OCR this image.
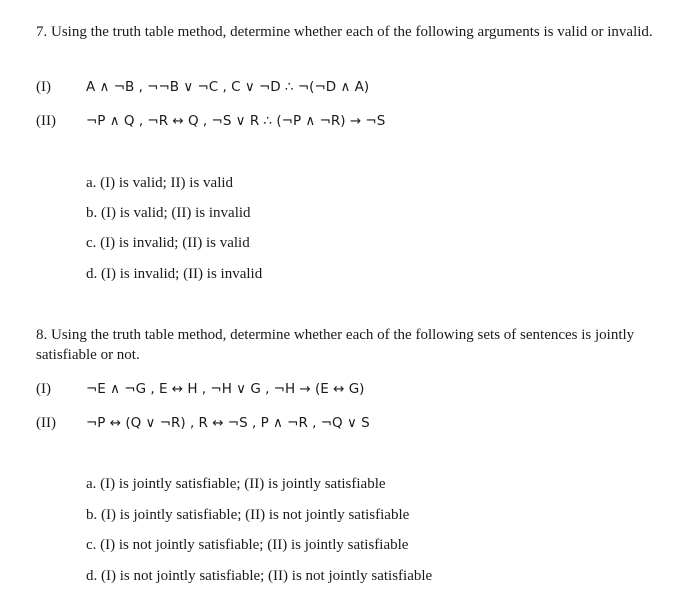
7. Using the truth table method, determine whether each of the following arguments is valid or invalid.

(I)	A ∧ ¬B , ¬¬B ∨ ¬C , C ∨ ¬D ∴ ¬(¬D ∧ A)
(II) ¬P ∧ Q , ¬R ↔ Q , ¬S ∨ R ∴ (¬P ∧ ¬R) → ¬S
a. (I) is valid; II) is valid
b. (I) is valid; (II) is invalid
c. (I) is invalid; (II) is valid
d. (I) is invalid; (II) is invalid

8. Using the truth table method, determine whether each of the following sets of sentences is jointly satisfiable or not.

(I)	¬E ∧ ¬G , E ↔ H , ¬H ∨ G , ¬H → (E ↔ G)
(II) ¬P ↔ (Q ∨ ¬R) , R ↔ ¬S , P ∧ ¬R , ¬Q ∨ S
a. (I) is jointly satisfiable; (II) is jointly satisfiable
b. (I) is jointly satisfiable; (II) is not jointly satisfiable
c. (I) is not jointly satisfiable; (II) is jointly satisfiable
d. (I) is not jointly satisfiable; (II) is not jointly satisfiable
